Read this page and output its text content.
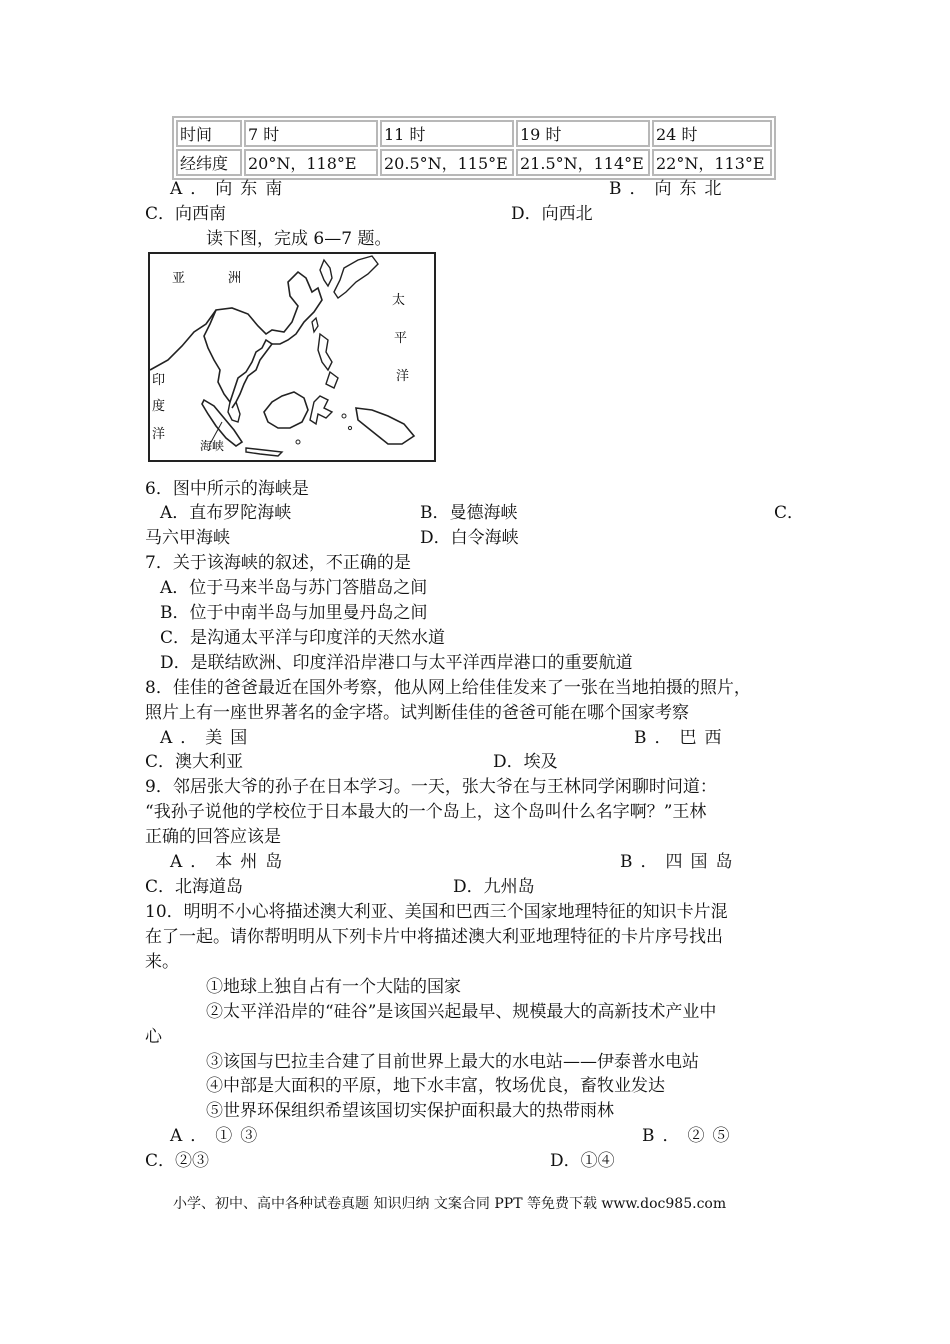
时间	7 时	11 时	19 时	24 时
经纬度	20°N，118°E	20.5°N，115°E	21.5°N，114°E	22°N，113°E
A．向东南	B．向东北
C．向西南	D．向西北
读下图，完成 6—7 题。
亚	洲
太
平
洋
印
度
洋
海峡
6．图中所示的海峡是
A．直布罗陀海峡	B．曼德海峡	C．
马六甲海峡	D．白令海峡
7．关于该海峡的叙述，不正确的是
A．位于马来半岛与苏门答腊岛之间
B．位于中南半岛与加里曼丹岛之间
C．是沟通太平洋与印度洋的天然水道
D．是联结欧洲、印度洋沿岸港口与太平洋西岸港口的重要航道
8．佳佳的爸爸最近在国外考察，他从网上给佳佳发来了一张在当地拍摄的照片，
照片上有一座世界著名的金字塔。试判断佳佳的爸爸可能在哪个国家考察
A．美国	B．巴西
C．澳大利亚	D．埃及
9．邻居张大爷的孙子在日本学习。一天，张大爷在与王林同学闲聊时问道：
“我孙子说他的学校位于日本最大的一个岛上，这个岛叫什么名字啊？”王林
正确的回答应该是
A．本州岛	B．四国岛
C．北海道岛	D．九州岛
10．明明不小心将描述澳大利亚、美国和巴西三个国家地理特征的知识卡片混
在了一起。请你帮明明从下列卡片中将描述澳大利亚地理特征的卡片序号找出
来。
①地球上独自占有一个大陆的国家
②太平洋沿岸的“硅谷”是该国兴起最早、规模最大的高新技术产业中
心
③该国与巴拉圭合建了目前世界上最大的水电站——伊泰普水电站
④中部是大面积的平原，地下水丰富，牧场优良，畜牧业发达
⑤世界环保组织希望该国切实保护面积最大的热带雨林
A．①③	B．②⑤
C．②③	D．①④
小学、初中、高中各种试卷真题 知识归纳 文案合同 PPT 等免费下载 www.doc985.com
